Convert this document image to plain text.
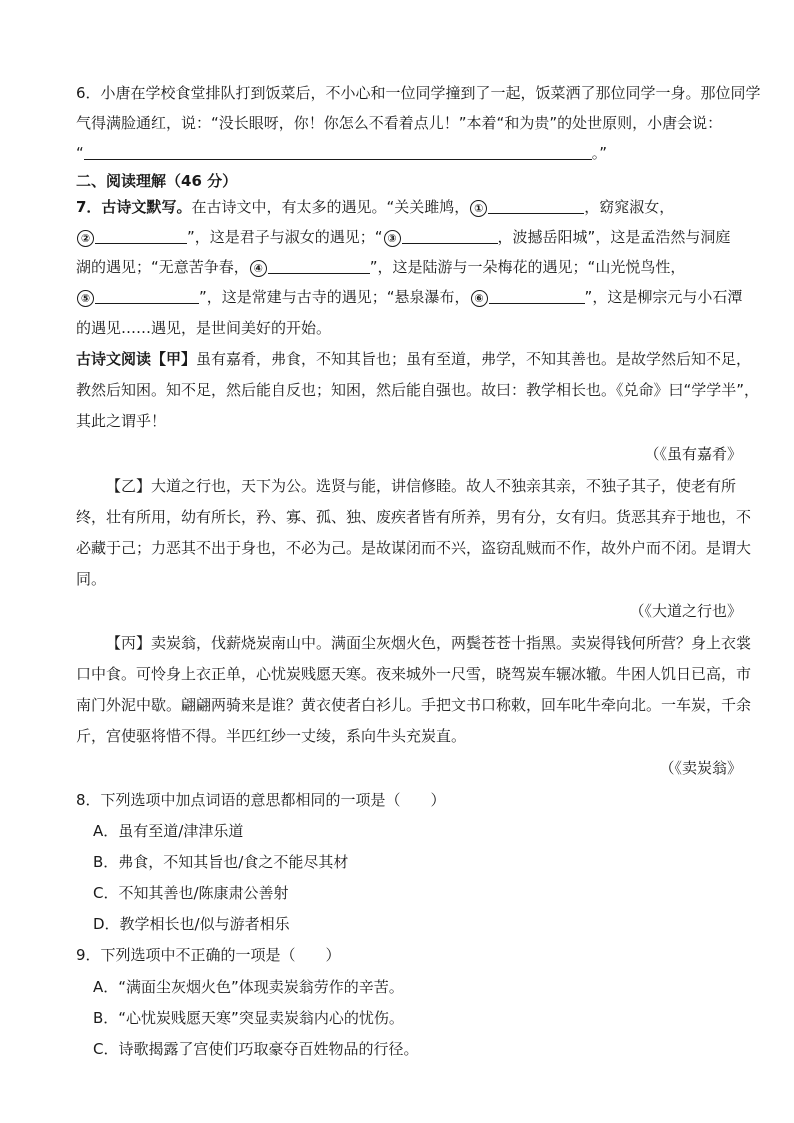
6．小唐在学校食堂排队打到饭菜后，不小心和一位同学撞到了一起，饭菜洒了那位同学一身。那位同学
气得满脸通红，说：“没长眼呀，你！你怎么不看着点儿！”本着“和为贵”的处世原则，小唐会说：
“	。”
二、阅读理解（46 分）
7．古诗文默写。在古诗文中，有太多的遇见。“关关雎鸠， ①	，窈窕淑女，
②	”，这是君子与淑女的遇见；“ ③	，波撼岳阳城”，这是孟浩然与洞庭
湖的遇见；“无意苦争春， ④	”，这是陆游与一朵梅花的遇见；“山光悦鸟性，
⑤	”，这是常建与古寺的遇见；“悬泉瀑布， ⑥	”，这是柳宗元与小石潭
的遇见……遇见，是世间美好的开始。
古诗文阅读【甲】虽有嘉肴，弗食，不知其旨也；虽有至道，弗学，不知其善也。是故学然后知不足，
教然后知困。知不足，然后能自反也；知困，然后能自强也。故曰：教学相长也。《兑命》曰“学学半”，
其此之谓乎！
（《虽有嘉肴》
【乙】大道之行也，天下为公。选贤与能，讲信修睦。故人不独亲其亲，不独子其子，使老有所
终，壮有所用，幼有所长，矜、寡、孤、独、废疾者皆有所养，男有分，女有归。货恶其弃于地也，不
必藏于己；力恶其不出于身也，不必为己。是故谋闭而不兴，盗窃乱贼而不作，故外户而不闭。是谓大
同。
（《大道之行也》
【丙】卖炭翁，伐薪烧炭南山中。满面尘灰烟火色，两鬓苍苍十指黑。卖炭得钱何所营？身上衣裳
口中食。可怜身上衣正单，心忧炭贱愿天寒。夜来城外一尺雪，晓驾炭车辗冰辙。牛困人饥日已高，市
南门外泥中歇。翩翩两骑来是谁？黄衣使者白衫儿。手把文书口称敕，回车叱牛牵向北。一车炭，千余
斤，宫使驱将惜不得。半匹红纱一丈绫，系向牛头充炭直。
（《卖炭翁》
8．下列选项中加点词语的意思都相同的一项是（　　）
A．虽有至道/津津乐道
B．弗食，不知其旨也/食之不能尽其材
C．不知其善也/陈康肃公善射
D．教学相长也/似与游者相乐
9．下列选项中不正确的一项是（　　）
A．“满面尘灰烟火色”体现卖炭翁劳作的辛苦。
B．“心忧炭贱愿天寒”突显卖炭翁内心的忧伤。
C．诗歌揭露了宫使们巧取豪夺百姓物品的行径。
